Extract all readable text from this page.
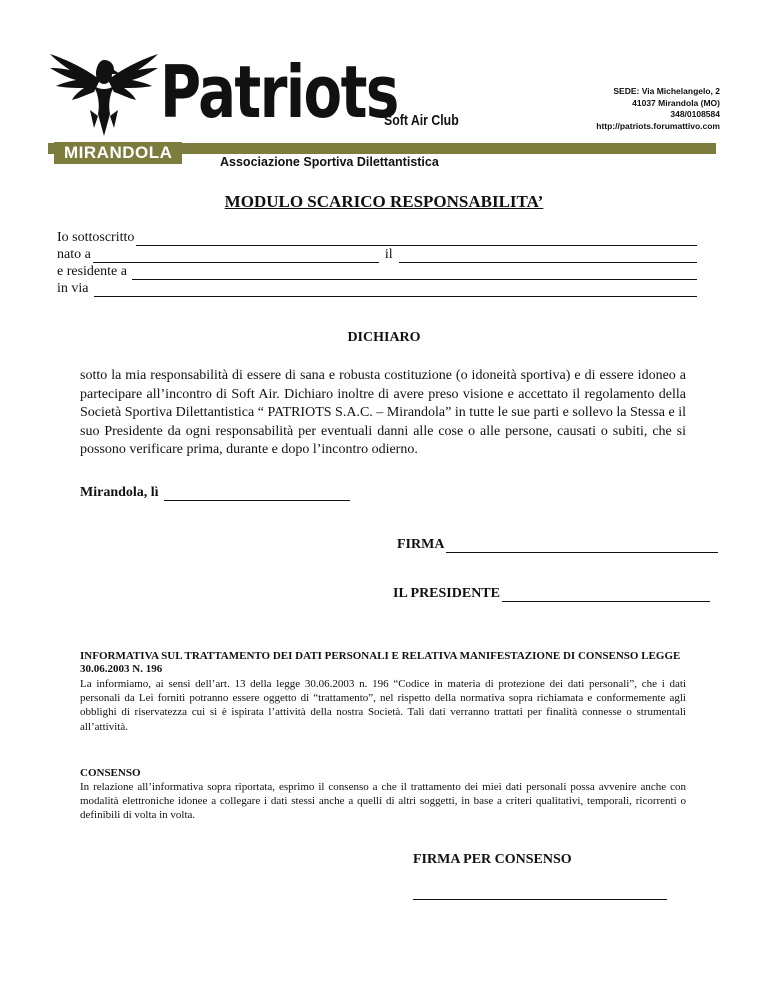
Patriots
Soft Air Club
SEDE: Via Michelangelo, 2
41037 Mirandola (MO)
348/0108584
http://patriots.forumattivo.com
MIRANDOLA	Associazione Sportiva Dilettantistica
MODULO SCARICO RESPONSABILITA’
Io sottoscritto
nato a	il
e residente a
in via
DICHIARO
sotto la mia responsabilità di essere di sana e robusta costituzione (o idoneità sportiva) e di essere idoneo a partecipare all’incontro di Soft Air. Dichiaro inoltre di avere preso visione e accettato il regolamento della Società Sportiva Dilettantistica “ PATRIOTS S.A.C. – Mirandola” in tutte le sue parti e sollevo la Stessa e il suo Presidente da ogni responsabilità per eventuali danni alle cose o alle persone, causati o subiti, che si possono verificare prima, durante e dopo l’incontro odierno.
Mirandola, lì
FIRMA
IL PRESIDENTE
INFORMATIVA SUL TRATTAMENTO DEI DATI PERSONALI E RELATIVA MANIFESTAZIONE DI CONSENSO LEGGE 30.06.2003 N. 196
La informiamo, ai sensi dell’art. 13 della legge 30.06.2003 n. 196 “Codice in materia di protezione dei dati personali”, che i dati personali da Lei forniti potranno essere oggetto di “trattamento”, nel rispetto della normativa sopra richiamata e conformemente agli obblighi di riservatezza cui si è ispirata l’attività della nostra Società. Tali dati verranno trattati per finalità connesse o strumentali all’attività.
CONSENSO
In relazione all’informativa sopra riportata, esprimo il consenso a che il trattamento dei miei dati personali possa avvenire anche con modalità elettroniche idonee a collegare i dati stessi anche a quelli di altri soggetti, in base a criteri qualitativi, temporali, ricorrenti o definibili di volta in volta.
FIRMA PER CONSENSO
